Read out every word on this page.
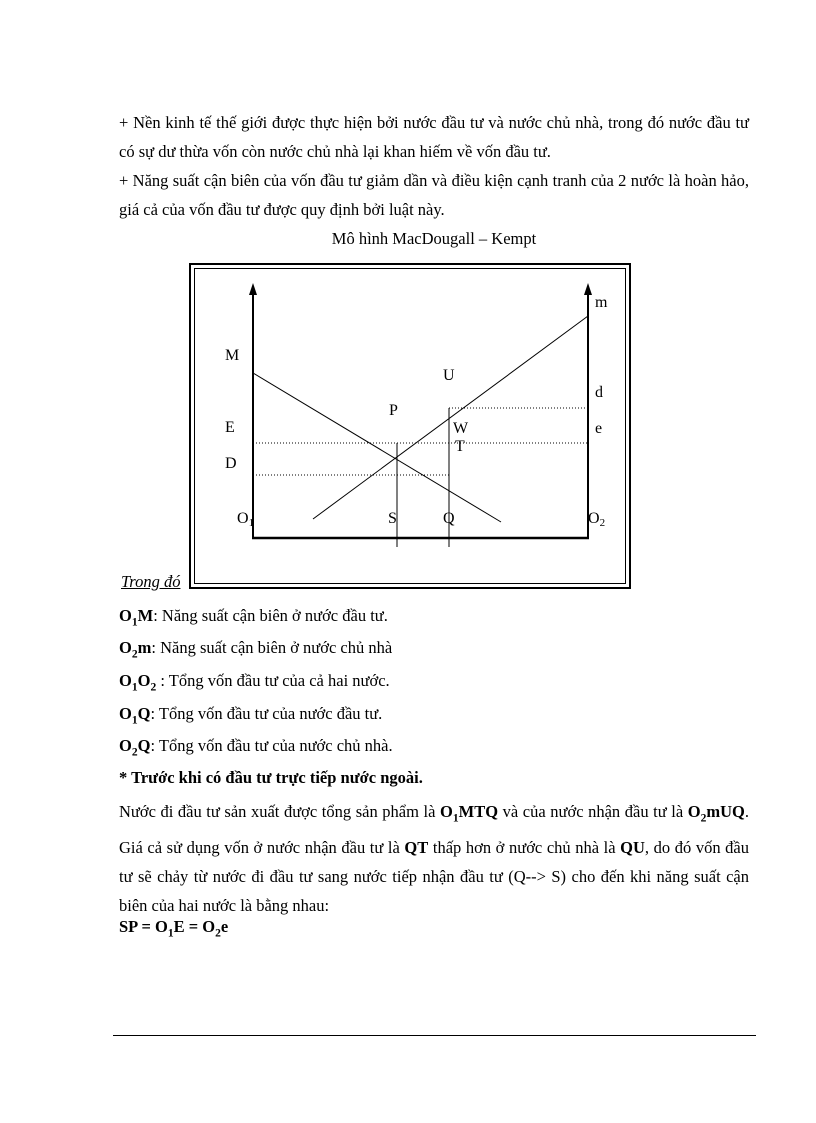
+ Nền kinh tế thế giới được thực hiện bởi nước đầu tư và nước chủ nhà, trong đó nước đầu tư có sự dư thừa vốn còn nước chủ nhà lại khan hiếm về vốn đầu tư.

+ Năng suất cận biên của vốn đầu tư giảm dần và điều kiện cạnh tranh của 2 nước là hoàn hảo, giá cả của vốn đầu tư được quy định bởi luật này.

Mô hình MacDougall – Kempt

M
E
D
O1	S	Q	O2
m
d
e
U
P
W
T

Trong đó

$O_1M$: Năng suất cận biên ở nước đầu tư.

$O_2m$: Năng suất cận biên ở nước chủ nhà

$O_1O_2$ : Tổng vốn đầu tư của cả hai nước.

$O_1Q$: Tổng vốn đầu tư của nước đầu tư.

$O_2Q$: Tổng vốn đầu tư của nước chủ nhà.

* Trước khi có đầu tư trực tiếp nước ngoài.

Nước đi đầu tư sản xuất được tổng sản phẩm là $O_1MTQ$ và của nước nhận đầu tư là $O_2mUQ$. Giá cả sử dụng vốn ở nước nhận đầu tư là QT thấp hơn ở nước chủ nhà là QU, do đó vốn đầu tư sẽ chảy từ nước đi đầu tư sang nước tiếp nhận đầu tư (Q--> S) cho đến khi năng suất cận biên của hai nước là bằng nhau:

SP = $O_1E = O_2e$
